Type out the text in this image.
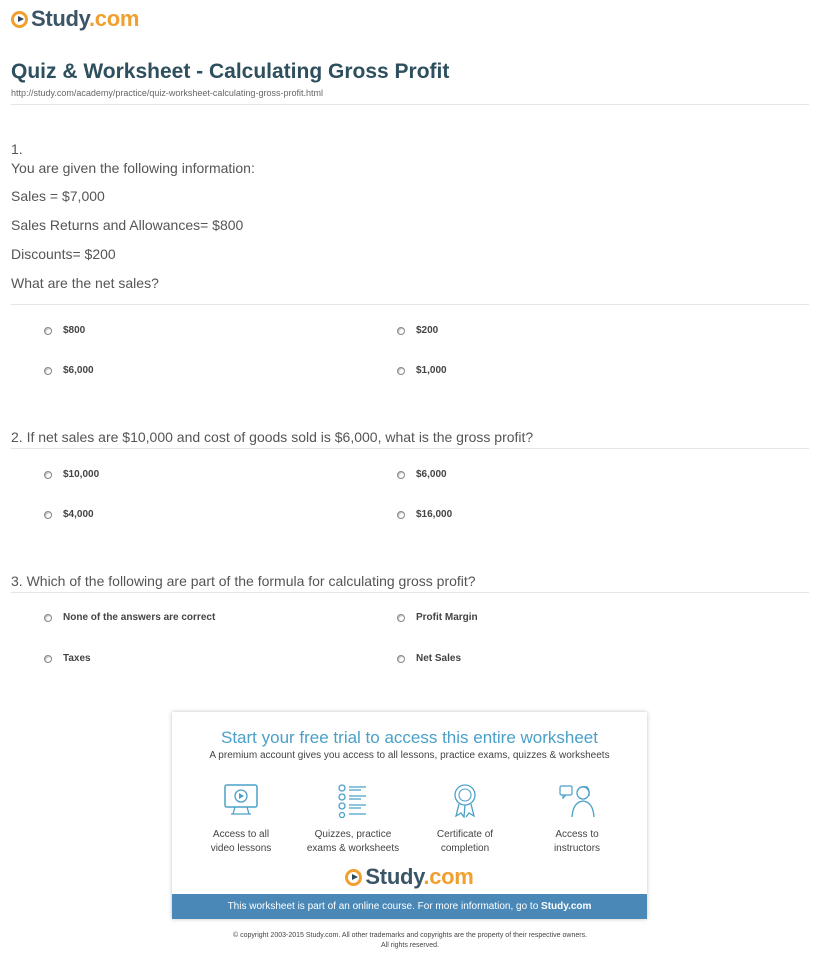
Study.com
Quiz & Worksheet - Calculating Gross Profit
http://study.com/academy/practice/quiz-worksheet-calculating-gross-profit.html
1.
You are given the following information:
Sales = $7,000
Sales Returns and Allowances= $800
Discounts= $200
What are the net sales?
$800	$200
$6,000	$1,000
2. If net sales are $10,000 and cost of goods sold is $6,000, what is the gross profit?
$10,000	$6,000
$4,000	$16,000
3. Which of the following are part of the formula for calculating gross profit?
None of the answers are correct	Profit Margin
Taxes	Net Sales
Start your free trial to access this entire worksheet
A premium account gives you access to all lessons, practice exams, quizzes & worksheets
Access to all
video lessons
Quizzes, practice
exams & worksheets
Certificate of
completion
Access to
instructors
Study.com
This worksheet is part of an online course. For more information, go to Study.com
© copyright 2003-2015 Study.com. All other trademarks and copyrights are the property of their respective owners.
All rights reserved.
